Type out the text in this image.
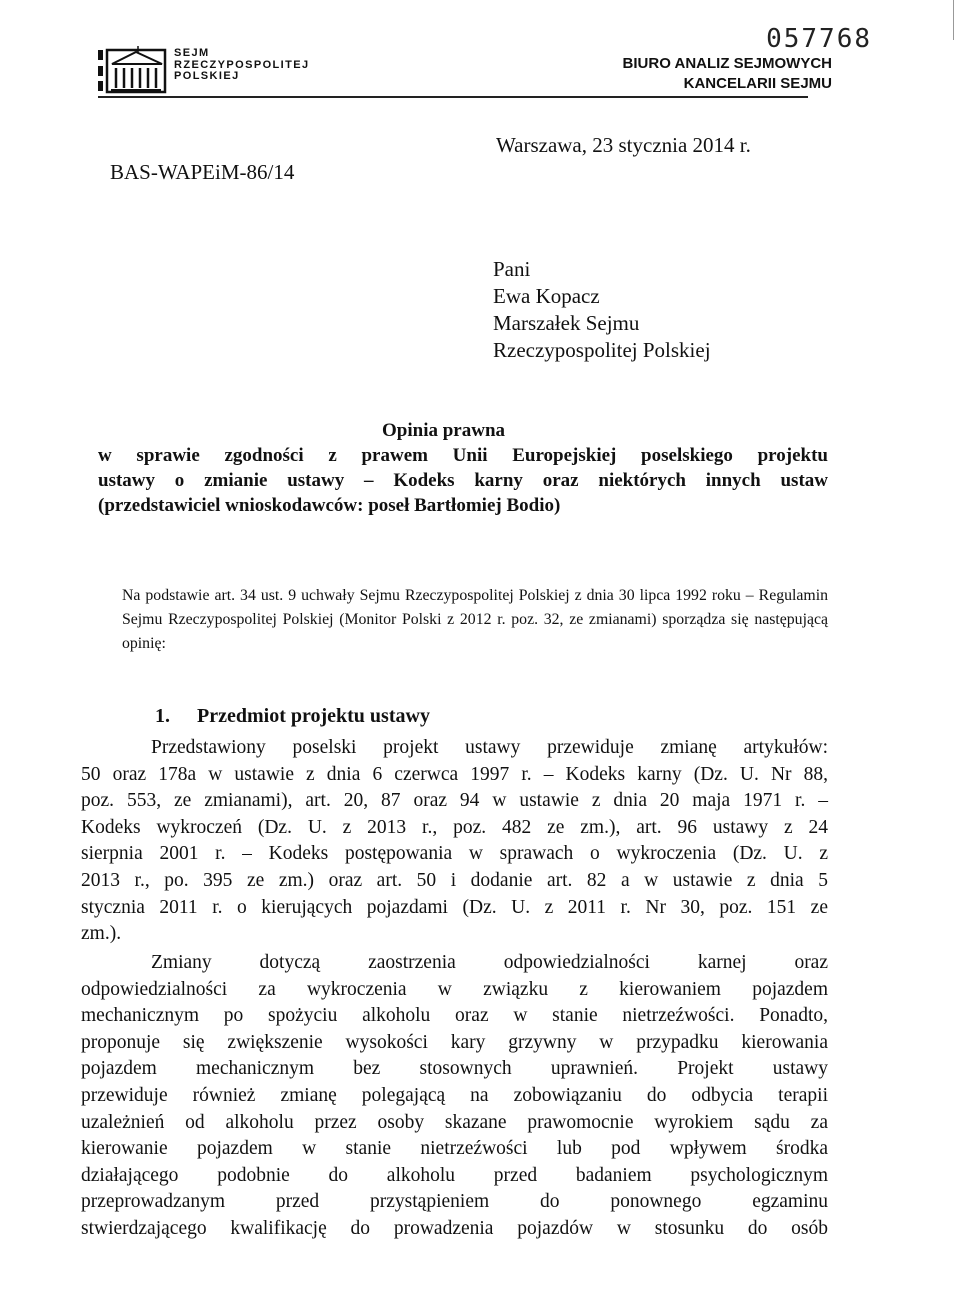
SEJM
RZECZYPOSPOLITEJ
POLSKIEJ
057768
BIURO ANALIZ SEJMOWYCH
KANCELARII SEJMU
Warszawa, 23 stycznia 2014 r.
BAS-WAPEiM-86/14
Pani
Ewa Kopacz
Marszałek Sejmu
Rzeczypospolitej Polskiej
Opinia prawna
w sprawie zgodności z prawem Unii Europejskiej poselskiego projektu
ustawy o zmianie ustawy – Kodeks karny oraz niektórych innych ustaw
(przedstawiciel wnioskodawców: poseł Bartłomiej Bodio)
Na podstawie art. 34 ust. 9 uchwały Sejmu Rzeczypospolitej Polskiej z dnia 30 lipca 1992 roku – Regulamin Sejmu Rzeczypospolitej Polskiej (Monitor Polski z 2012 r. poz. 32, ze zmianami) sporządza się następującą opinię:
1. Przedmiot projektu ustawy
Przedstawiony poselski projekt ustawy przewiduje zmianę artykułów:
50 oraz 178a w ustawie z dnia 6 czerwca 1997 r. – Kodeks karny (Dz. U. Nr 88,
poz. 553, ze zmianami), art. 20, 87 oraz 94 w ustawie z dnia 20 maja 1971 r. –
Kodeks wykroczeń (Dz. U. z 2013 r., poz. 482 ze zm.), art. 96 ustawy z 24
sierpnia 2001 r. – Kodeks postępowania w sprawach o wykroczenia (Dz. U. z
2013 r., po. 395 ze zm.) oraz art. 50 i dodanie art. 82 a w ustawie z dnia 5
stycznia 2011 r. o kierujących pojazdami (Dz. U. z 2011 r. Nr 30, poz. 151 ze
zm.).
Zmiany dotyczą zaostrzenia odpowiedzialności karnej oraz
odpowiedzialności za wykroczenia w związku z kierowaniem pojazdem
mechanicznym po spożyciu alkoholu oraz w stanie nietrzeźwości. Ponadto,
proponuje się zwiększenie wysokości kary grzywny w przypadku kierowania
pojazdem mechanicznym bez stosownych uprawnień. Projekt ustawy
przewiduje również zmianę polegającą na zobowiązaniu do odbycia terapii
uzależnień od alkoholu przez osoby skazane prawomocnie wyrokiem sądu za
kierowanie pojazdem w stanie nietrzeźwości lub pod wpływem środka
działającego podobnie do alkoholu przed badaniem psychologicznym
przeprowadzanym przed przystąpieniem do ponownego egzaminu
stwierdzającego kwalifikację do prowadzenia pojazdów w stosunku do osób
